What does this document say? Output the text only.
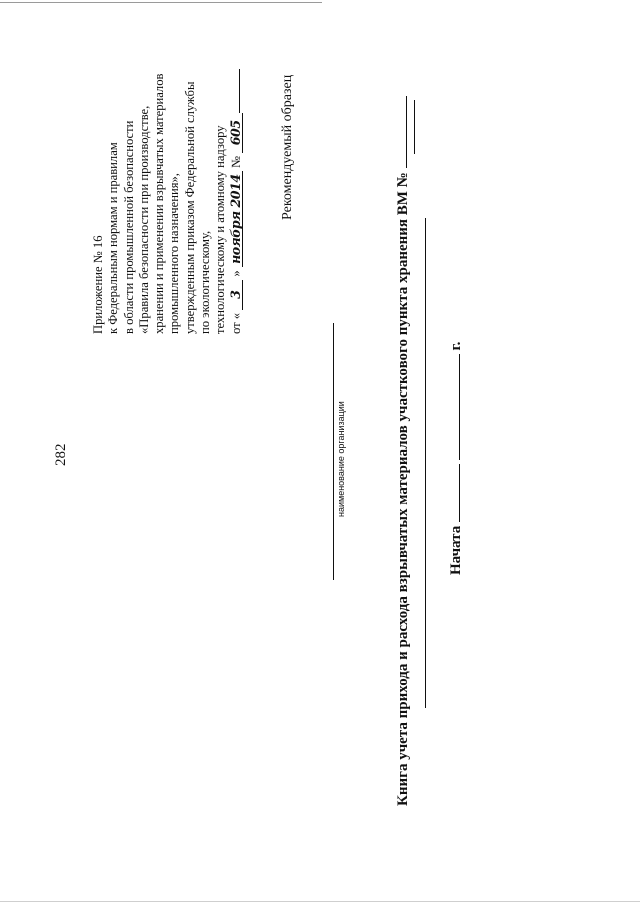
282
Приложение № 16 к Федеральным нормам и правилам в области промышленной безопасности «Правила безопасности при производстве, хранении и применении взрывчатых материалов промышленного назначения», утвержденным приказом Федеральной службы по экологическому, технологическому и атомному надзору от « 3 » ноября 2014 № 605	Рекомендуемый образец
наименование организации	Книга учета прихода и расхода взрывчатых материалов участкового пункта хранения ВМ № Начата   г.
